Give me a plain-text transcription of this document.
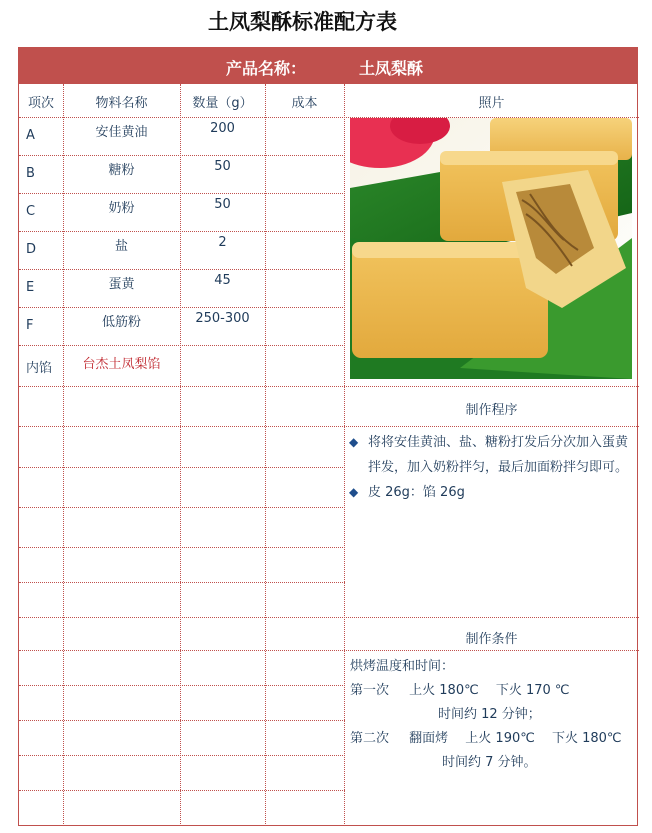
土凤梨酥标准配方表
产品名称：	土凤梨酥
项次	物料名称	数量（g）	成本	照片
A	安佳黄油	200
B	糖粉	50
C	奶粉	50
D	盐	2
E	蛋黄	45
F	低筋粉	250-300
内馅	台杰土凤梨馅
制作程序
◆ 将将安佳黄油、盐、糖粉打发后分次加入蛋黄拌发，加入奶粉拌匀，最后加面粉拌匀即可。
◆ 皮 26g：馅 26g
制作条件
烘烤温度和时间：
第一次 上火 180℃　 下火 170 ℃
时间约 12 分钟；
第二次 翻面烤　 上火 190℃　 下火 180℃
时间约 7 分钟。
